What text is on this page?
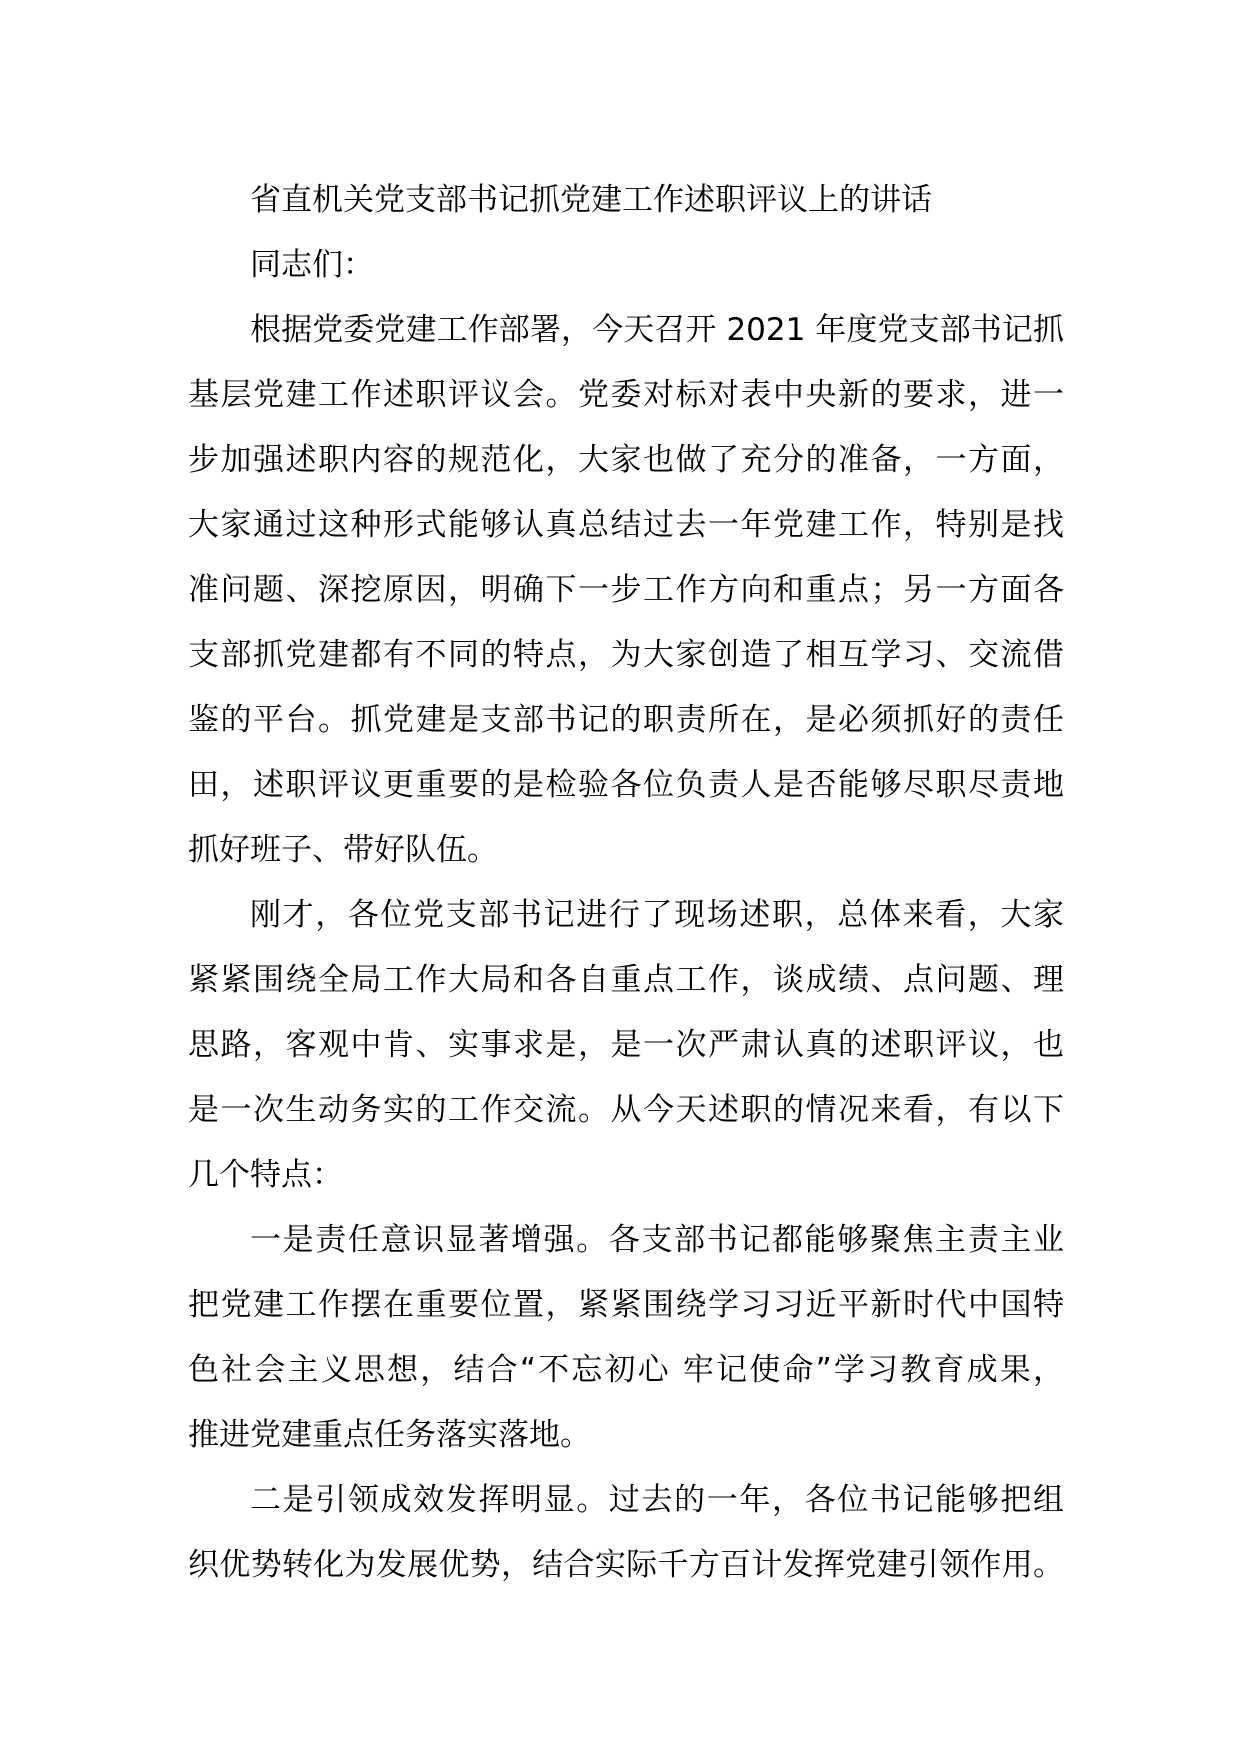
省直机关党支部书记抓党建工作述职评议上的讲话
同志们：
根据党委党建工作部署，今天召开 2021 年度党支部书记抓
基层党建工作述职评议会。党委对标对表中央新的要求，进一
步加强述职内容的规范化，大家也做了充分的准备，一方面，
大家通过这种形式能够认真总结过去一年党建工作，特别是找
准问题、深挖原因，明确下一步工作方向和重点；另一方面各
支部抓党建都有不同的特点，为大家创造了相互学习、交流借
鉴的平台。抓党建是支部书记的职责所在，是必须抓好的责任
田，述职评议更重要的是检验各位负责人是否能够尽职尽责地
抓好班子、带好队伍。
刚才，各位党支部书记进行了现场述职，总体来看，大家
紧紧围绕全局工作大局和各自重点工作，谈成绩、点问题、理
思路，客观中肯、实事求是，是一次严肃认真的述职评议，也
是一次生动务实的工作交流。从今天述职的情况来看，有以下
几个特点：
一是责任意识显著增强。各支部书记都能够聚焦主责主业
把党建工作摆在重要位置，紧紧围绕学习习近平新时代中国特
色社会主义思想，结合“不忘初心 牢记使命”学习教育成果，
推进党建重点任务落实落地。
二是引领成效发挥明显。过去的一年，各位书记能够把组
织优势转化为发展优势，结合实际千方百计发挥党建引领作用。
